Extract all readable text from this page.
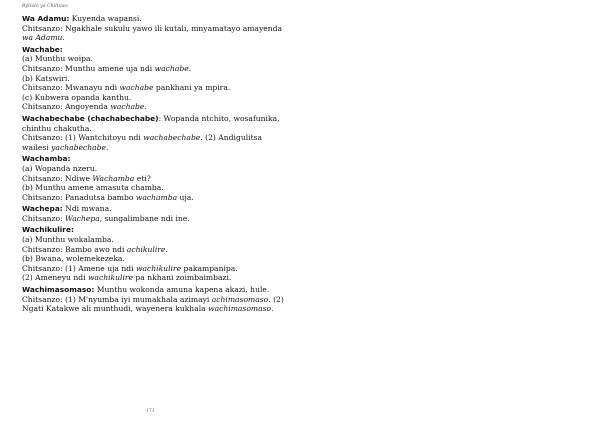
Býtlolo ya Chiltswo

Wa Adamu: Kuyenda wapansi.

Chitsanzo: Ngakhale sukulu yawo ili kutali, mnyamatayo amayenda wa Adamu.

Wachabe:

(a) Munthu woipa.

Chitsanzo: Munthu amene uja ndi wachabe.

(b) Katswiri.

Chitsanzo: Mwanayu ndi wachabe pankhani ya mpira.

(c) Kubwera opanda kanthu.

Chitsanzo: Angoyenda wachabe.

Wachabechabe (chachabechabe): Wopanda ntchito, wosafunika, chinthu chakutha.

Chitsanzo: (1) Wantchitoyu ndi wachabechabe. (2) Andigulitsa wailesi yachabechabe.

Wachamba:

(a) Wopanda nzeru.

Chitsanzo: Ndiwe Wachamba eti?

(b) Munthu amene amasuta chamba.

Chitsanzo: Panadutsa bambo wachamba uja.

Wachepa: Ndi mwana.

Chitsanzo: Wachepa, sungalimbane ndi ine.

Wachikulire:

(a) Munthu wokalamba.

Chitsanzo: Bambo awo ndi achikulire.

(b) Bwana, wolemekezeka.

Chitsanzo: (1) Amene uja ndi wachikulire pakampanipa.

(2) Ameneyu ndi wachikulire pa nkhani zoimbaimbazi.

Wachimasomaso: Munthu wokonda amuna kapena akazi, hule.

Chitsanzo: (1) M'nyumba iyi mumakhala azimayi achimasomaso. (2) Ngati Katakwe ali munthudi, wayenera kukhala wachimasomaso.

171
